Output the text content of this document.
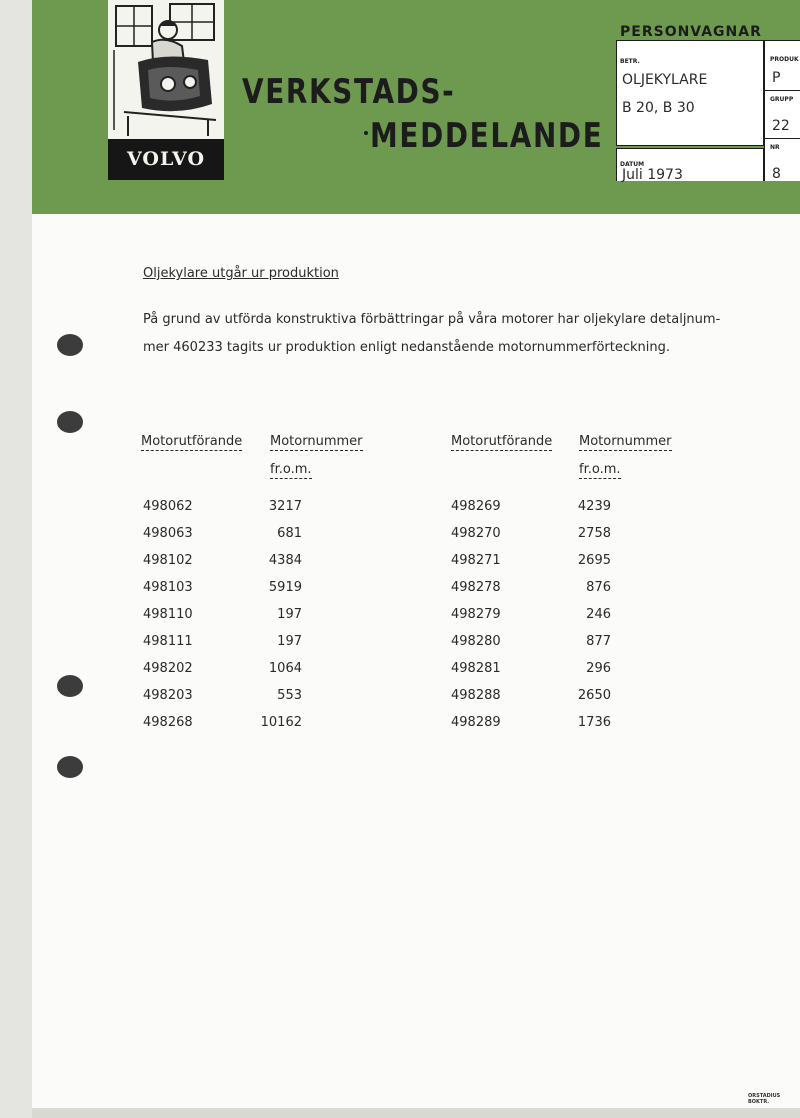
VOLVO
VERKSTADS-
MEDDELANDE
PERSONVAGNAR
BETR.
OLJEKYLARE
B 20, B 30
DATUM
Juli 1973
PRODUK
P
GRUPP
22
NR
8
Oljekylare utgår ur produktion
På grund av utförda konstruktiva förbättringar på våra motorer har oljekylare detaljnum-
mer 460233 tagits ur produktion enligt nedanstående motornummerförteckning.
Motorutförande Motornummer
fr.o.m.
Motorutförande Motornummer
fr.o.m.
498062	3217
498063	681
498102	4384
498103	5919
498110	197
498111	197
498202	1064
498203	553
498268	10162
498269	4239
498270	2758
498271	2695
498278	876
498279	246
498280	877
498281	296
498288	2650
498289	1736
ORSTADIUS BOKTR.
